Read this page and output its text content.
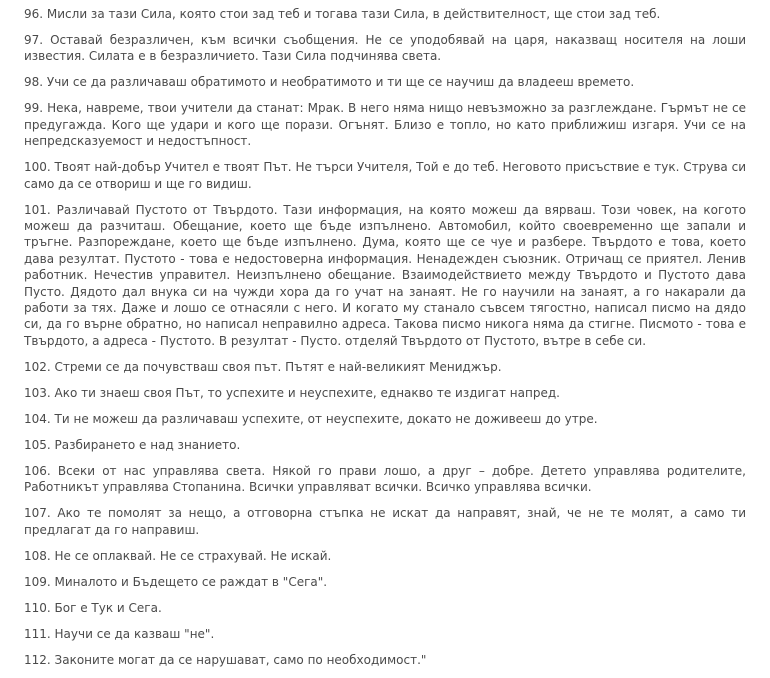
96. Мисли за тази Сила, която стои зад теб и тогава тази Сила, в действителност, ще стои зад теб.

97. Оставай безразличен, към всички съобщения. Не се уподобявай на царя, наказващ носителя на лоши известия. Силата е в безразличието. Тази Сила подчинява света.

98. Учи се да различаваш обратимото и необратимото и ти ще се научиш да владееш времето.

99. Нека, навреме, твои учители да станат: Мрак. В него няма нищо невъзможно за разглеждане. Гърмът не се предугажда. Кого ще удари и кого ще порази. Огънят. Близо е топло, но като приближиш изгаря. Учи се на непредсказуемост и недостъпност.

100. Твоят най-добър Учител е твоят Път. Не търси Учителя, Той е до теб. Неговото присъствие е тук. Струва си само да се отвориш и ще го видиш.

101. Различавай Пустото от Твърдото. Тази информация, на която можеш да вярваш. Този човек, на когото можеш да разчиташ. Обещание, което ще бъде изпълнено. Автомобил, който своевременно ще запали и тръгне. Разпореждане, което ще бъде изпълнено. Дума, която ще се чуе и разбере. Твърдото е това, което дава резултат. Пустото - това е недостоверна информация. Ненадежден съюзник. Отричащ се приятел. Ленив работник. Нечестив управител. Неизпълнено обещание. Взаимодействието между Твърдото и Пустото дава Пусто. Дядото дал внука си на чужди хора да го учат на занаят. Не го научили на занаят, а го накарали да работи за тях. Даже и лошо се отнасяли с него. И когато му станало съвсем тягостно, написал писмо на дядо си, да го върне обратно, но написал неправилно адреса. Такова писмо никога няма да стигне. Писмото - това е Твърдото, а адреса - Пустото. В резултат - Пусто. отделяй Твърдото от Пустото, вътре в себе си.

102. Стреми се да почувстваш своя път. Пътят е най-великият Мениджър.

103. Ако ти знаеш своя Път, то успехите и неуспехите, еднакво те издигат напред.

104. Ти не можеш да различаваш успехите, от неуспехите, докато не доживееш до утре.

105. Разбирането е над знанието.

106. Всеки от нас управлява света. Някой го прави лошо, а друг – добре. Детето управлява родителите, Работникът управлява Стопанина. Всички управляват всички. Всичко управлява всички.

107. Ако те помолят за нещо, а отговорна стъпка не искат да направят, знай, че не те молят, а само ти предлагат да го направиш.

108. Не се оплаквай. Не се страхувай. Не искай.

109. Миналото и Бъдещето се раждат в "Сега".

110. Бог е Тук и Сега.

111. Научи се да казваш "не".

112. Законите могат да се нарушават, само по необходимост."
